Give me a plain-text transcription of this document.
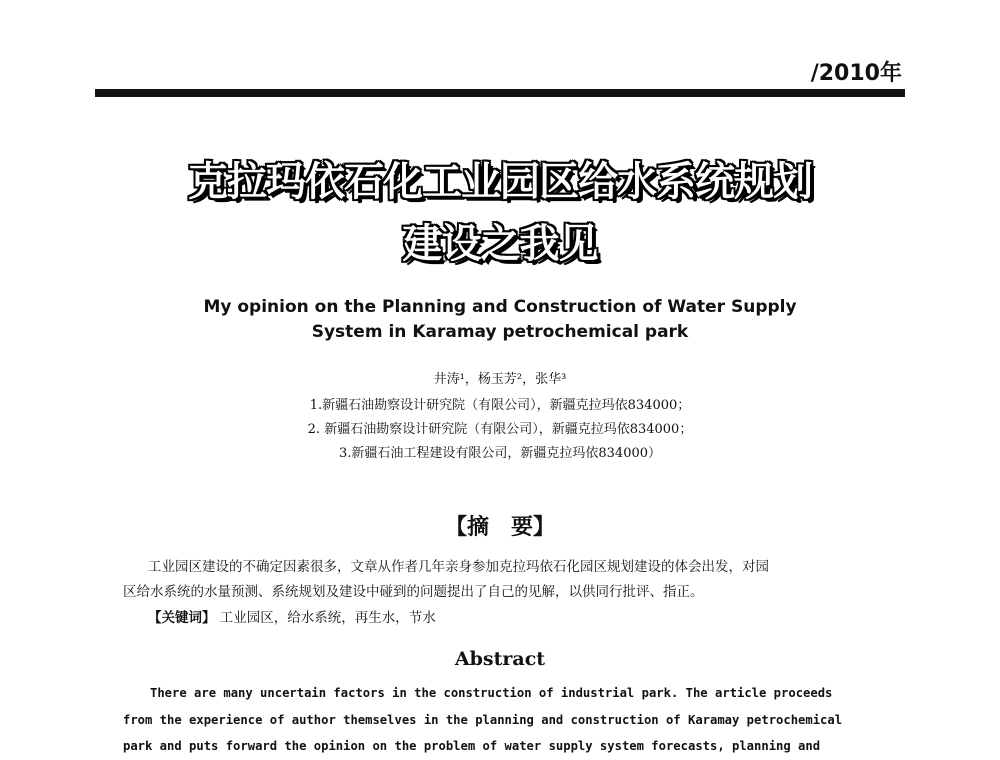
/2010年
克拉玛依石化工业园区给水系统规划
建设之我见
My opinion on the Planning and Construction of Water Supply
System in Karamay petrochemical park
井涛¹，杨玉芳²，张华³
1.新疆石油勘察设计研究院（有限公司），新疆克拉玛依834000；
2. 新疆石油勘察设计研究院（有限公司），新疆克拉玛依834000；
3.新疆石油工程建设有限公司，新疆克拉玛依834000）
【摘　要】
工业园区建设的不确定因素很多，文章从作者几年亲身参加克拉玛依石化园区规划建设的体会出发，对园
区给水系统的水量预测、系统规划及建设中碰到的问题提出了自己的见解，以供同行批评、指正。
【关键词】 工业园区，给水系统，再生水，节水
Abstract
There are many uncertain factors in the construction of industrial park. The article proceeds
from the experience of author themselves in the planning and construction of Karamay petrochemical
park and puts forward the opinion on the problem of water supply system forecasts, planning and
